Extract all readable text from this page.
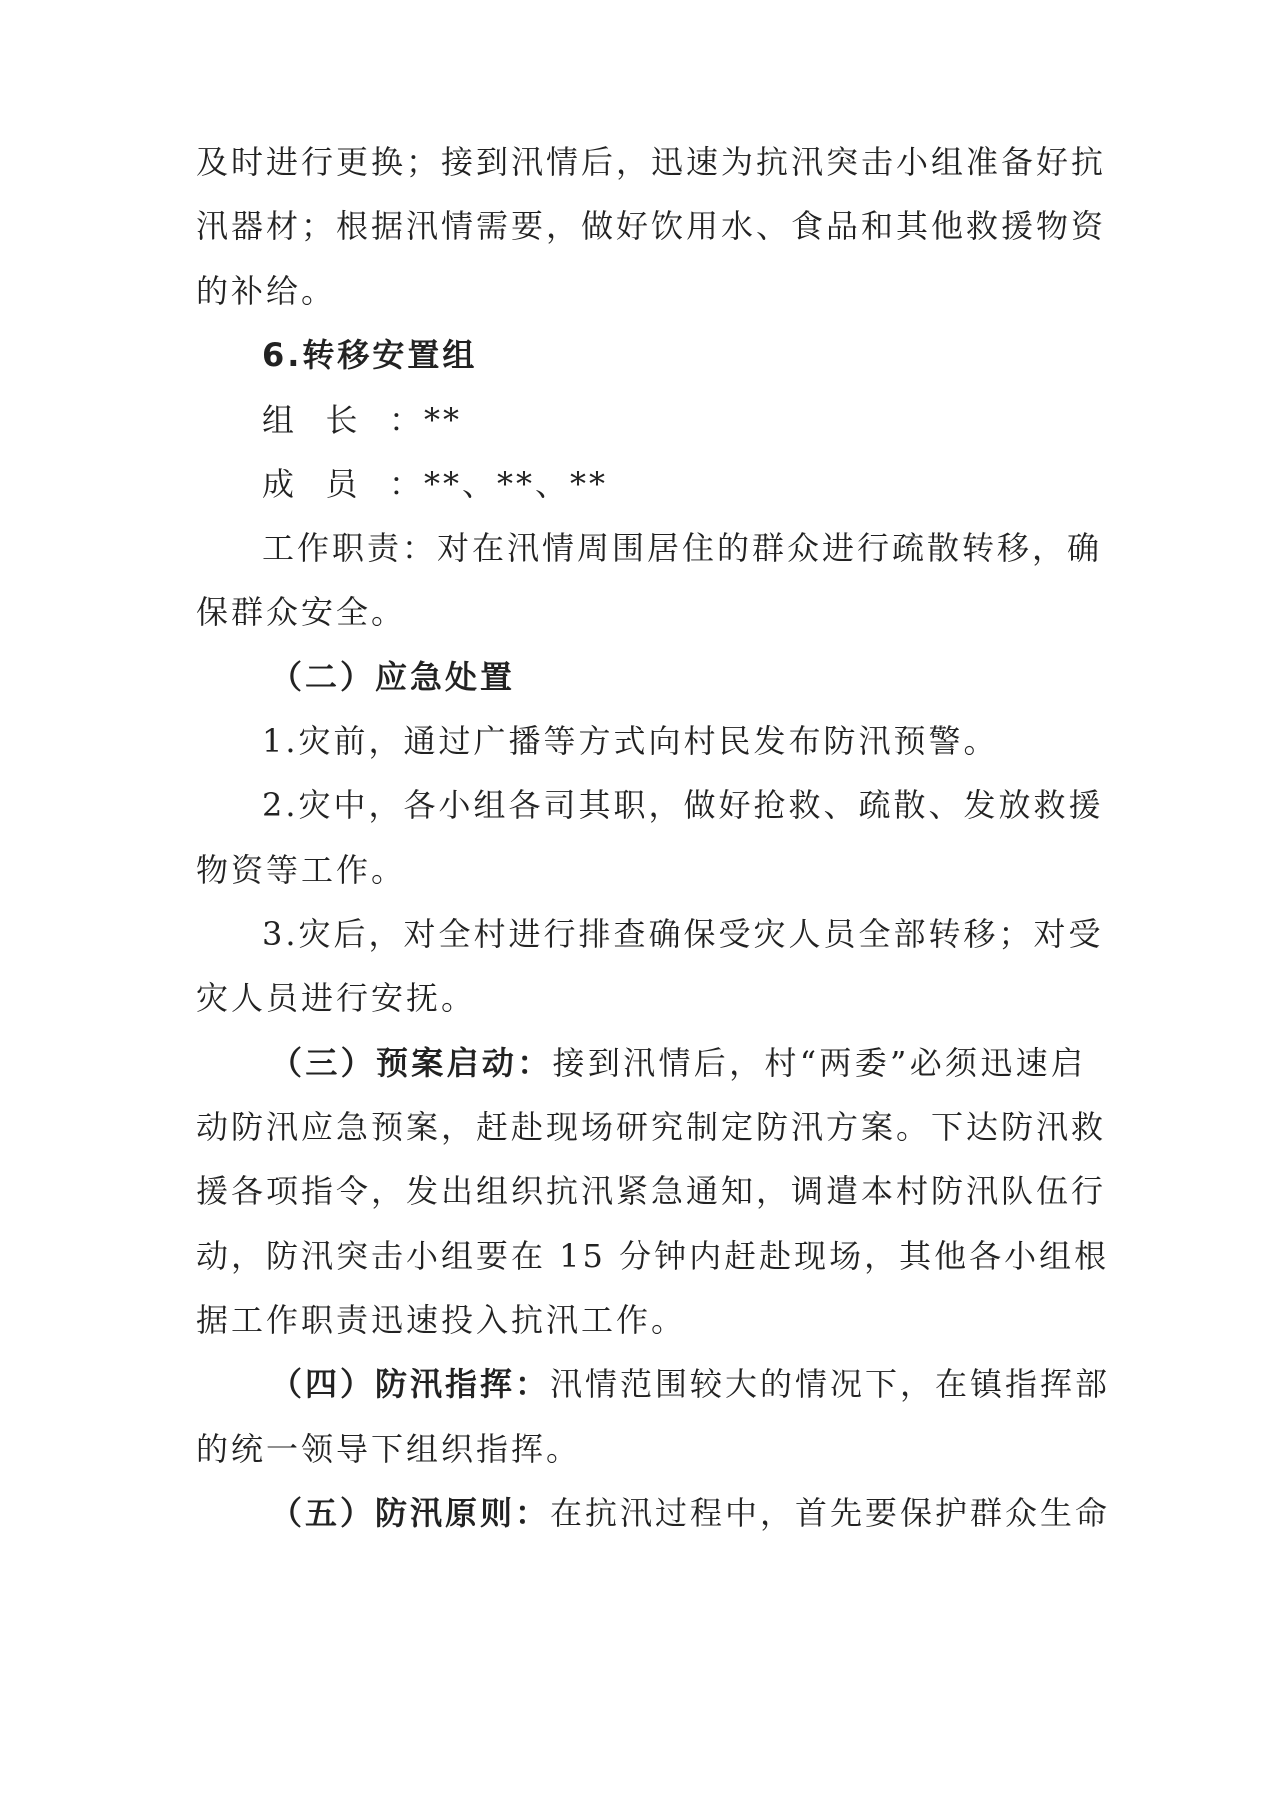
及时进行更换；接到汛情后，迅速为抗汛突击小组准备好抗
汛器材；根据汛情需要，做好饮用水、食品和其他救援物资
的补给。
6.转移安置组
组长：**
成员：**、**、**
工作职责：对在汛情周围居住的群众进行疏散转移，确
保群众安全。
（二）应急处置
1.灾前，通过广播等方式向村民发布防汛预警。
2.灾中，各小组各司其职，做好抢救、疏散、发放救援
物资等工作。
3.灾后，对全村进行排查确保受灾人员全部转移；对受
灾人员进行安抚。
（三）预案启动：接到汛情后，村“两委”必须迅速启
动防汛应急预案，赶赴现场研究制定防汛方案。下达防汛救
援各项指令，发出组织抗汛紧急通知，调遣本村防汛队伍行
动，防汛突击小组要在 15 分钟内赶赴现场，其他各小组根
据工作职责迅速投入抗汛工作。
（四）防汛指挥：汛情范围较大的情况下，在镇指挥部
的统一领导下组织指挥。
（五）防汛原则：在抗汛过程中，首先要保护群众生命
